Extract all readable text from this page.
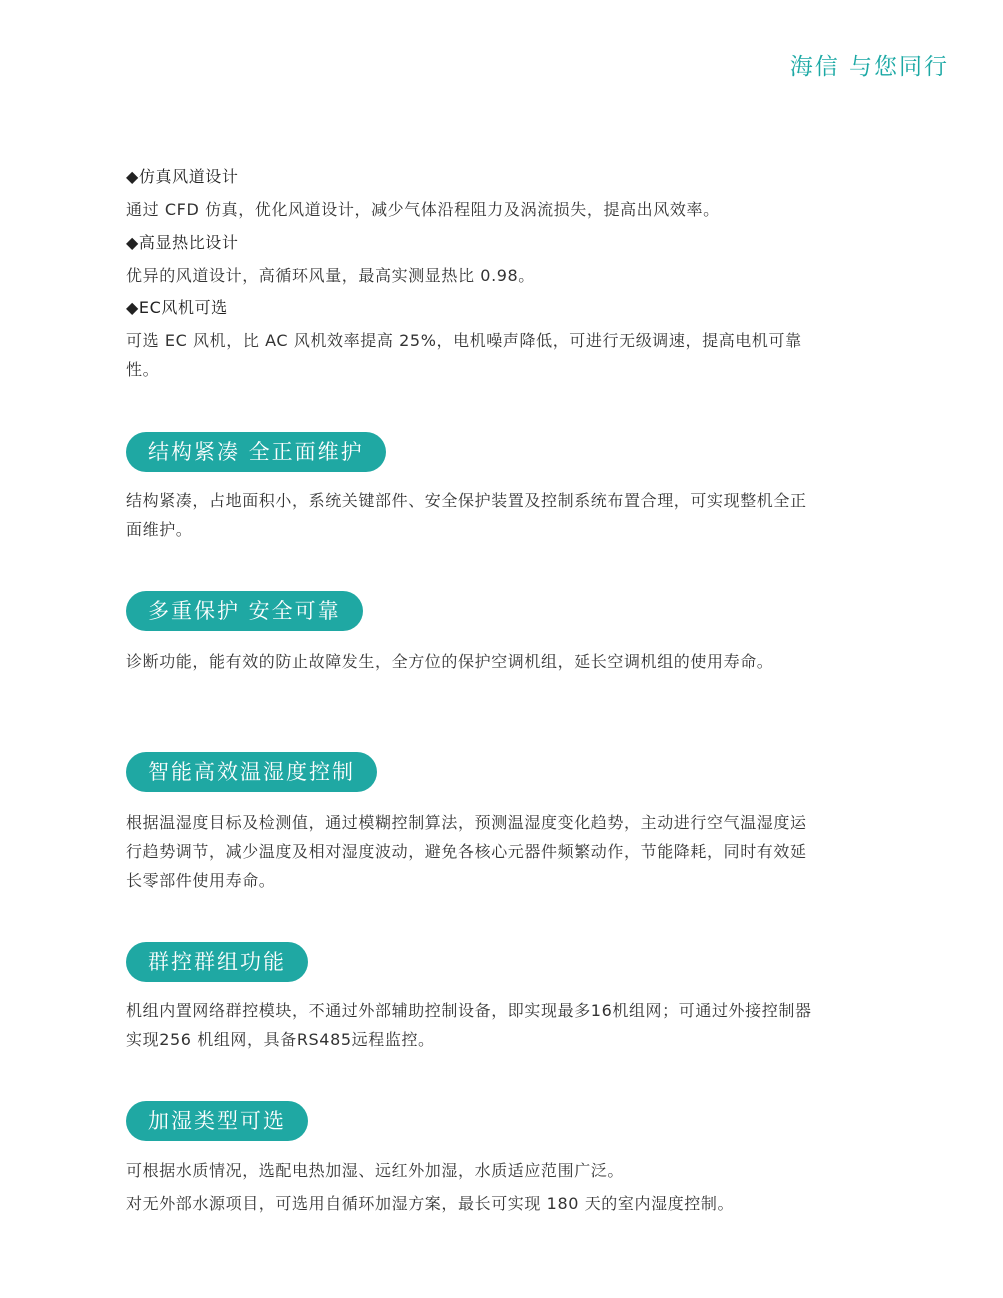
海信 与您同行
◆仿真风道设计

通过 CFD 仿真，优化风道设计，减少气体沿程阻力及涡流损失，提高出风效率。

◆高显热比设计

优异的风道设计，高循环风量，最高实测显热比 0.98。

◆EC风机可选

可选 EC 风机，比 AC 风机效率提高 25%，电机噪声降低，可进行无级调速，提高电机可靠性。

结构紧凑 全正面维护

结构紧凑，占地面积小，系统关键部件、安全保护装置及控制系统布置合理，可实现整机全正面维护。

多重保护 安全可靠

诊断功能，能有效的防止故障发生，全方位的保护空调机组，延长空调机组的使用寿命。

智能高效温湿度控制

根据温湿度目标及检测值，通过模糊控制算法，预测温湿度变化趋势，主动进行空气温湿度运行趋势调节，减少温度及相对湿度波动，避免各核心元器件频繁动作，节能降耗，同时有效延长零部件使用寿命。

群控群组功能

机组内置网络群控模块，不通过外部辅助控制设备，即实现最多16机组网；可通过外接控制器实现256 机组网，具备RS485远程监控。

加湿类型可选

可根据水质情况，选配电热加湿、远红外加湿，水质适应范围广泛。

对无外部水源项目，可选用自循环加湿方案，最长可实现 180 天的室内湿度控制。
